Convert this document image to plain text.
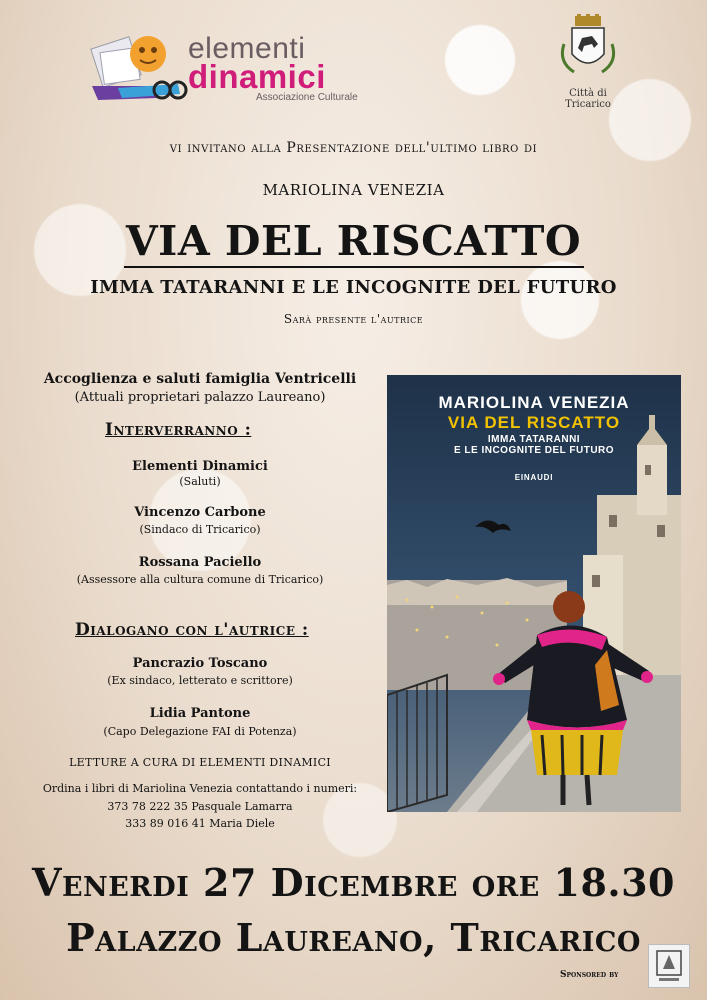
elementi
dinamici
Associazione Culturale	Città di Tricarico
vi invitano alla Presentazione dell'ultimo libro di
MARIOLINA VENEZIA
VIA DEL RISCATTO
IMMA TATARANNI E LE INCOGNITE DEL FUTURO
Sarà presente l'autrice
Accoglienza e saluti famiglia Ventricelli
(Attuali proprietari palazzo Laureano)
Interverranno :
Elementi Dinamici
(Saluti)
Vincenzo Carbone
(Sindaco di Tricarico)
Rossana Paciello
(Assessore alla cultura comune di Tricarico)
Dialogano con l'autrice :
Pancrazio Toscano
(Ex sindaco, letterato e scrittore)
Lidia Pantone
(Capo Delegazione FAI di Potenza)
LETTURE A CURA DI ELEMENTI DINAMICI
Ordina i libri di Mariolina Venezia contattando i numeri:
373 78 222 35 Pasquale Lamarra
333 89 016 41 Maria Diele
MARIOLINA VENEZIA
VIA DEL RISCATTO
IMMA TATARANNI
E LE INCOGNITE DEL FUTURO
EINAUDI
Venerdi 27 Dicembre ore 18.30
Palazzo Laureano, Tricarico
Sponsored by
